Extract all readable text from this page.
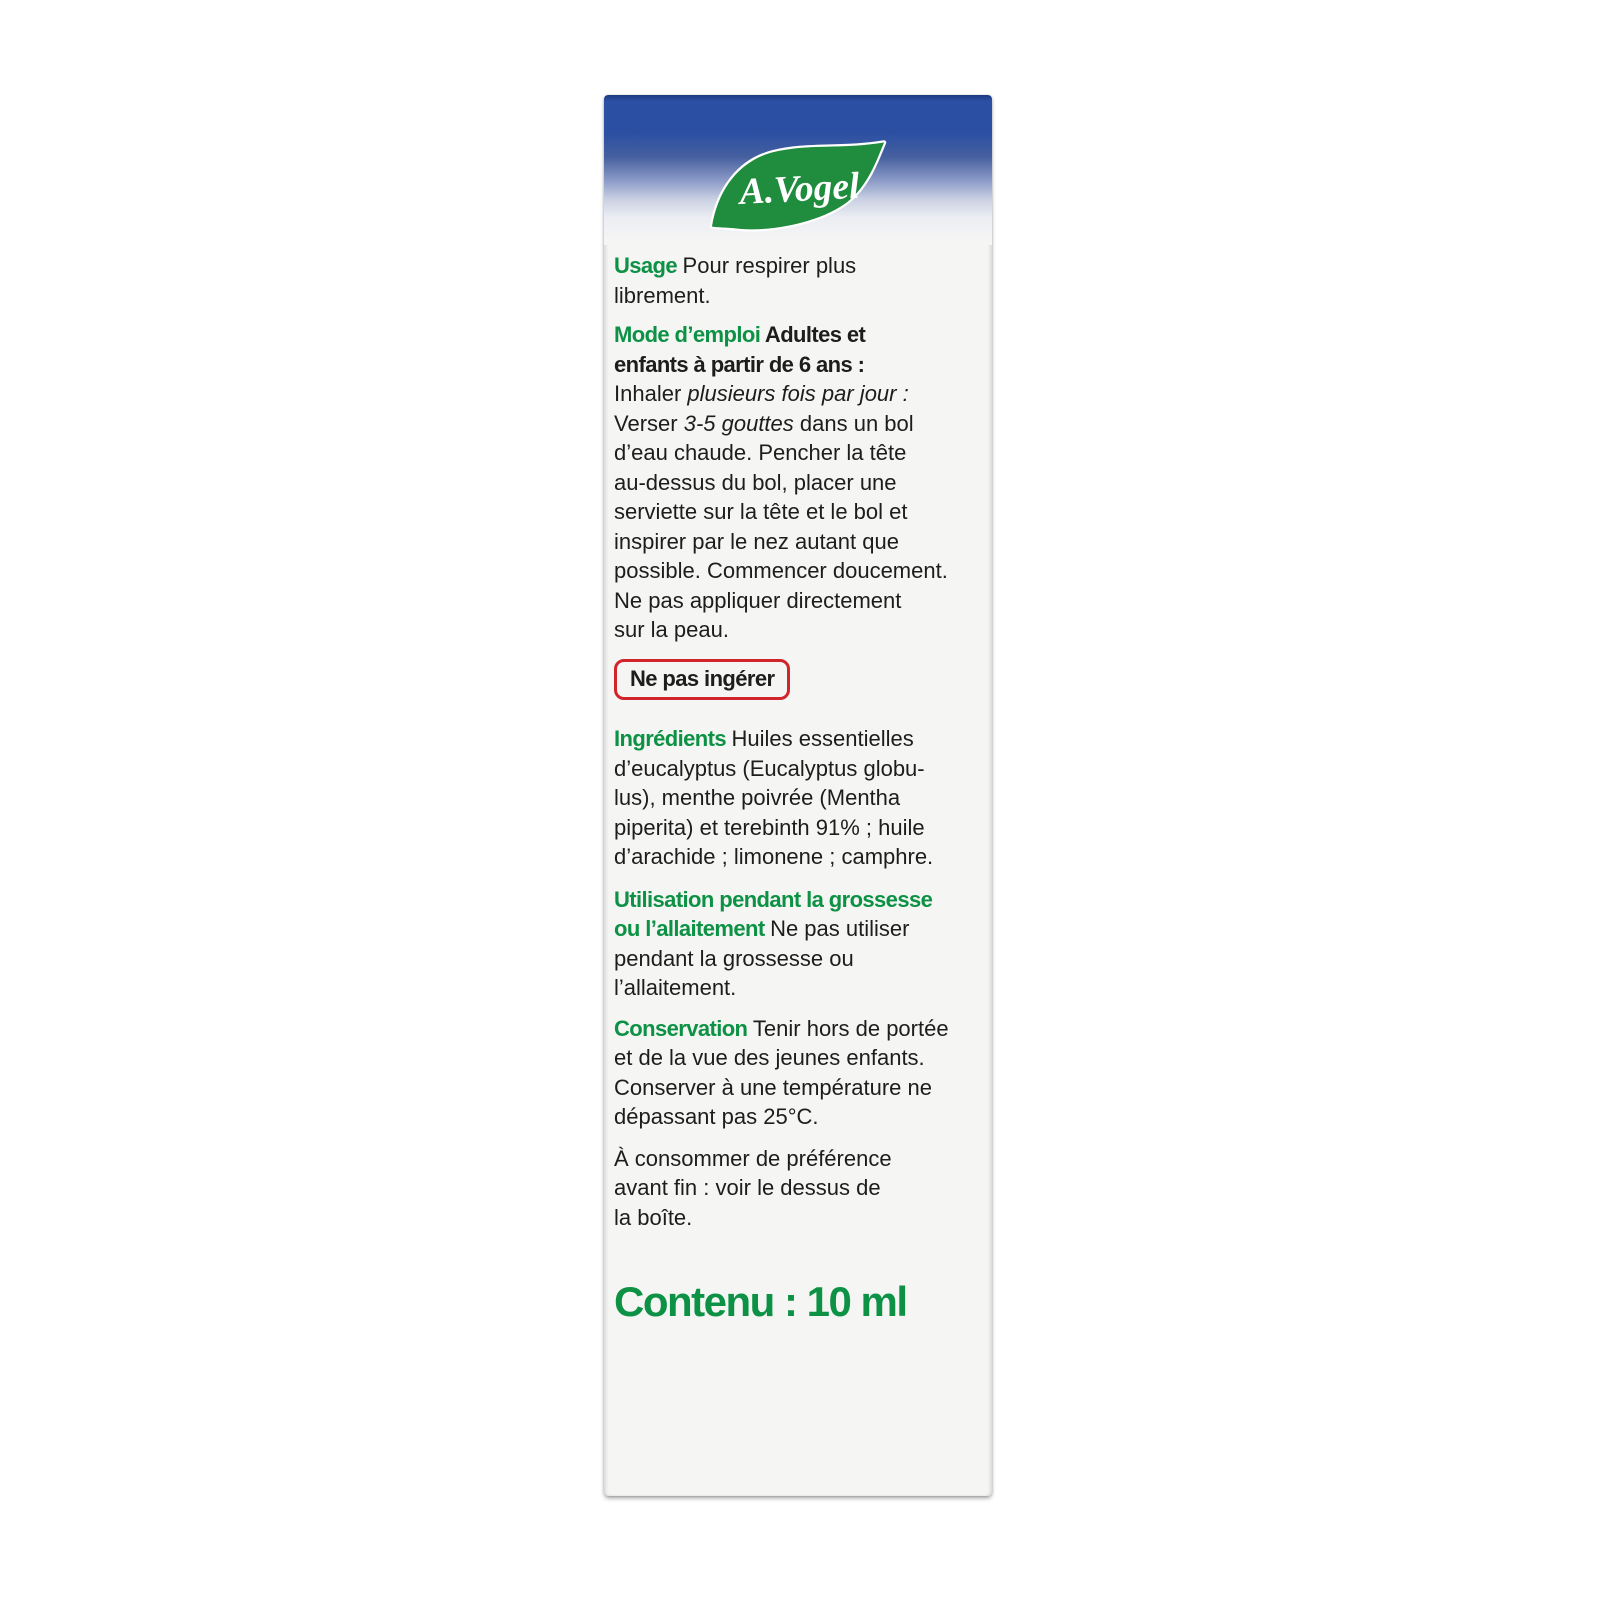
A.Vogel
Usage Pour respirer plus
librement.
Mode d’emploi Adultes et
enfants à partir de 6 ans :
Inhaler plusieurs fois par jour :
Verser 3-5 gouttes dans un bol
d’eau chaude. Pencher la tête
au-dessus du bol, placer une
serviette sur la tête et le bol et
inspirer par le nez autant que
possible. Commencer doucement.
Ne pas appliquer directement
sur la peau.
Ne pas ingérer
Ingrédients Huiles essentielles
d’eucalyptus (Eucalyptus globu-
lus), menthe poivrée (Mentha
piperita) et terebinth 91% ; huile
d’arachide ; limonene ; camphre.
Utilisation pendant la grossesse
ou l’allaitement Ne pas utiliser
pendant la grossesse ou
l’allaitement.
Conservation Tenir hors de portée
et de la vue des jeunes enfants.
Conserver à une température ne
dépassant pas 25°C.
À consommer de préférence
avant fin : voir le dessus de
la boîte.
Contenu : 10 ml
